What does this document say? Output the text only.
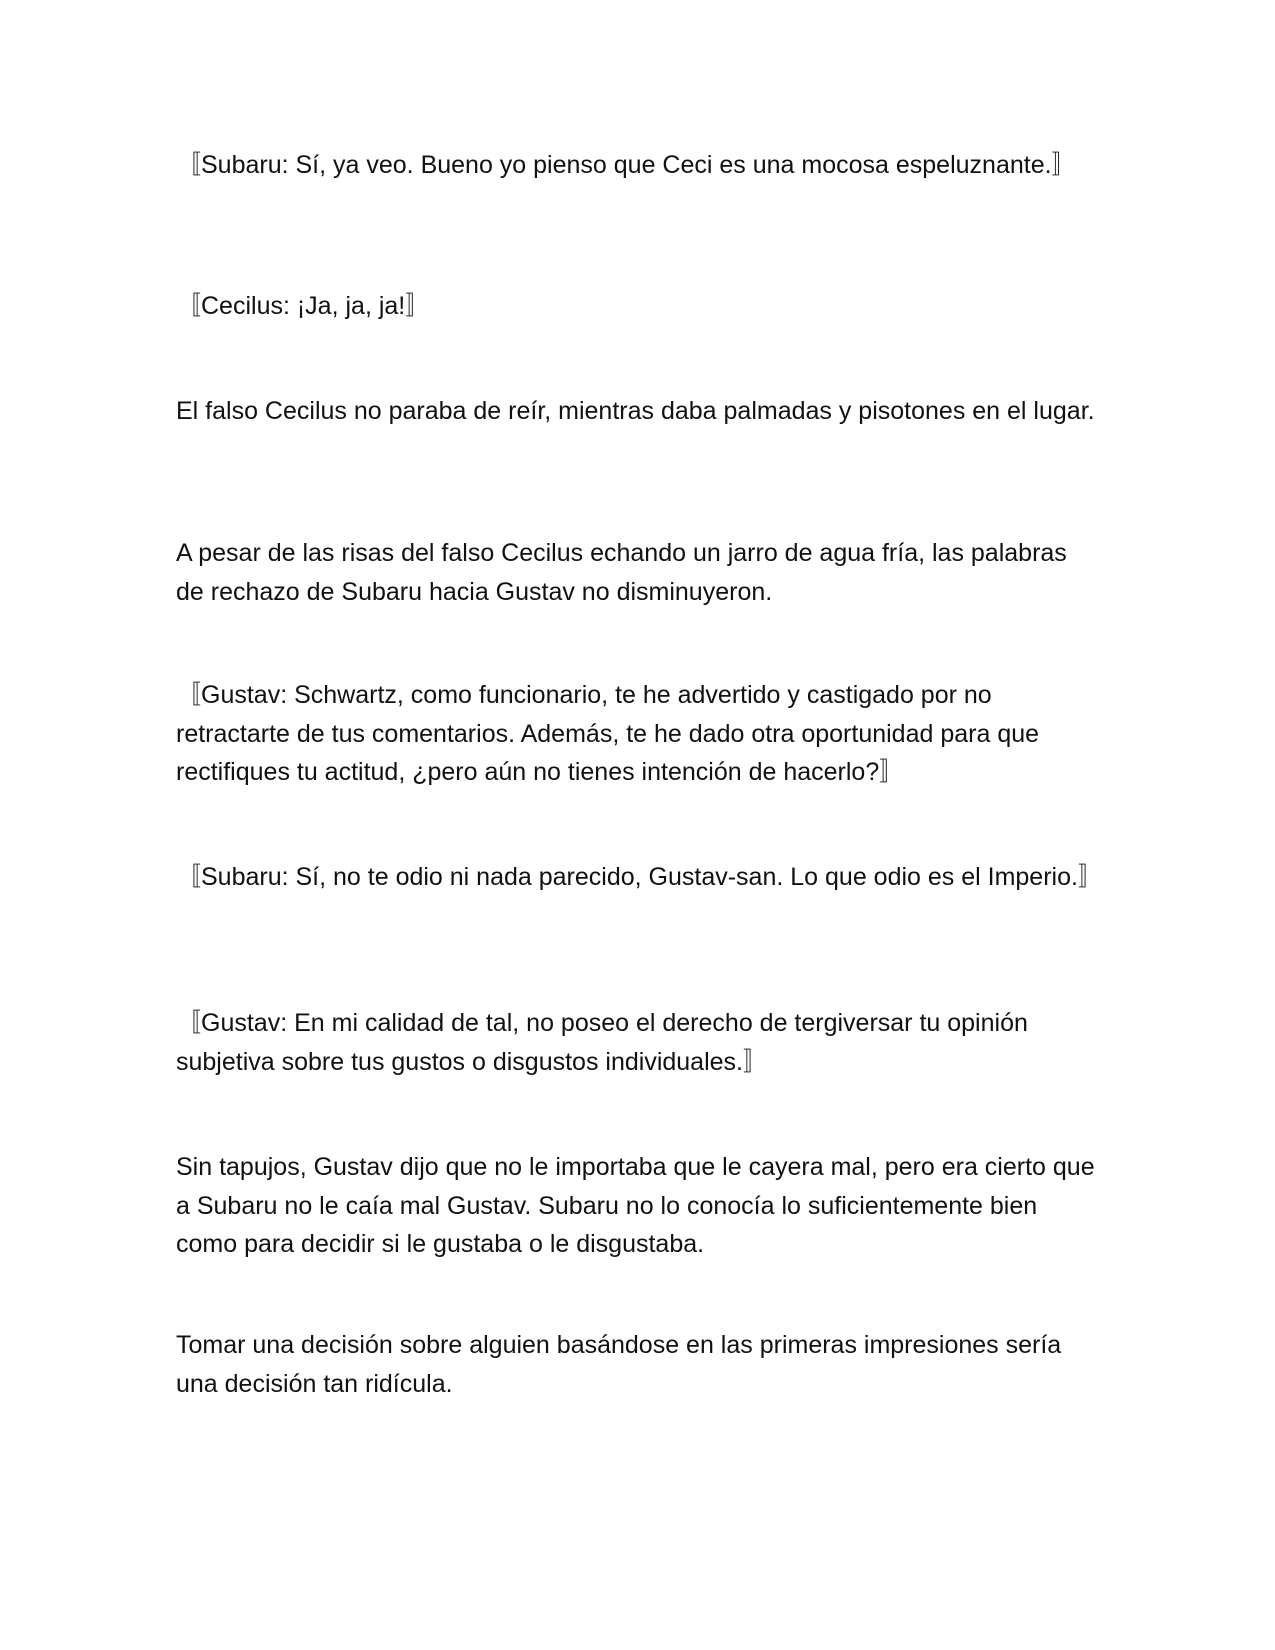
〚Subaru: Sí, ya veo. Bueno yo pienso que Ceci es una mocosa espeluznante.〛

〚Cecilus: ¡Ja, ja, ja!〛

El falso Cecilus no paraba de reír, mientras daba palmadas y pisotones en el lugar.

A pesar de las risas del falso Cecilus echando un jarro de agua fría, las palabras de rechazo de Subaru hacia Gustav no disminuyeron.

〚Gustav: Schwartz, como funcionario, te he advertido y castigado por no retractarte de tus comentarios. Además, te he dado otra oportunidad para que rectifiques tu actitud, ¿pero aún no tienes intención de hacerlo?〛

〚Subaru: Sí, no te odio ni nada parecido, Gustav-san. Lo que odio es el Imperio.〛

〚Gustav: En mi calidad de tal, no poseo el derecho de tergiversar tu opinión subjetiva sobre tus gustos o disgustos individuales.〛

Sin tapujos, Gustav dijo que no le importaba que le cayera mal, pero era cierto que a Subaru no le caía mal Gustav. Subaru no lo conocía lo suficientemente bien como para decidir si le gustaba o le disgustaba.

Tomar una decisión sobre alguien basándose en las primeras impresiones sería una decisión tan ridícula.
